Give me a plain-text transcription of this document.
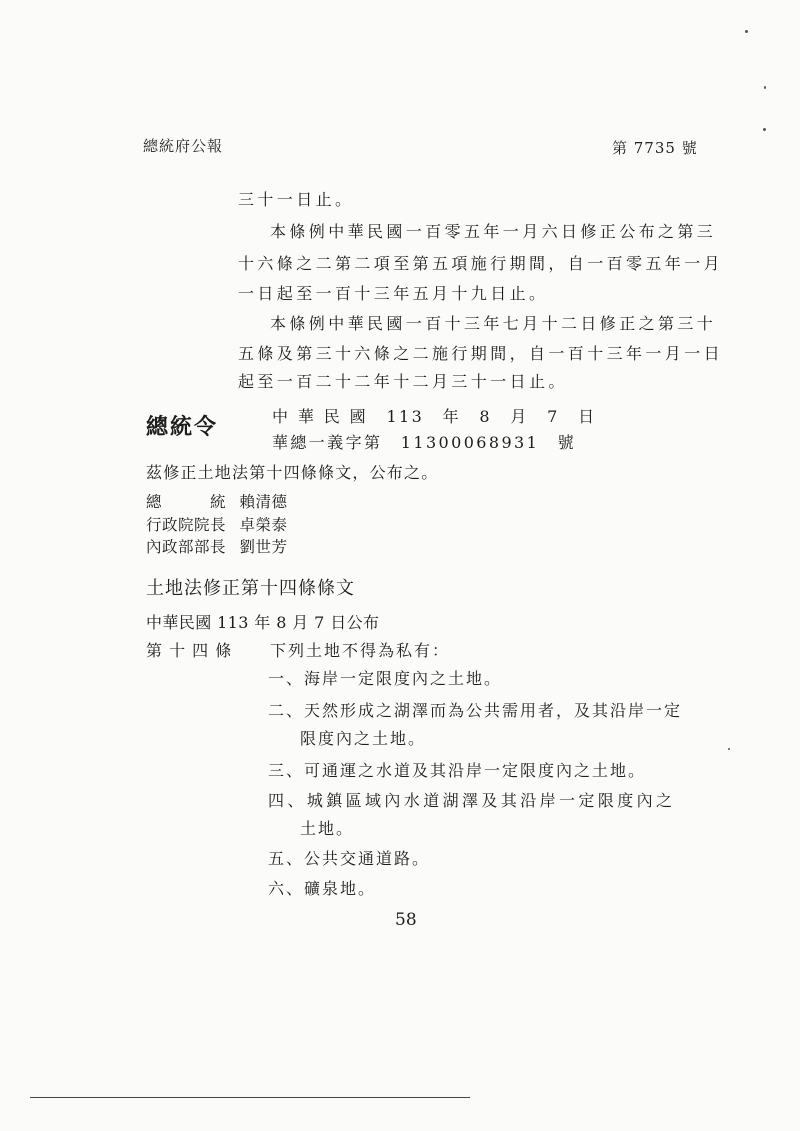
總統府公報	第 7735 號
三十一日止。
本條例中華民國一百零五年一月六日修正公布之第三
十六條之二第二項至第五項施行期間，自一百零五年一月
一日起至一百十三年五月十九日止。
本條例中華民國一百十三年七月十二日修正之第三十
五條及第三十六條之二施行期間，自一百十三年一月一日
起至一百二十二年十二月三十一日止。
總統令	中 華 民 國　113　年　8　月　7　日
華總一義字第　11300068931　號
茲修正土地法第十四條條文，公布之。
總　　　統 賴清德
行政院院長 卓榮泰
內政部部長 劉世芳
土地法修正第十四條條文
中華民國 113 年 8 月 7 日公布
第 十 四 條 下列土地不得為私有：
一、海岸一定限度內之土地。
二、天然形成之湖澤而為公共需用者，及其沿岸一定
限度內之土地。
三、可通運之水道及其沿岸一定限度內之土地。
四、城鎮區域內水道湖澤及其沿岸一定限度內之
土地。
五、公共交通道路。
六、礦泉地。
58
